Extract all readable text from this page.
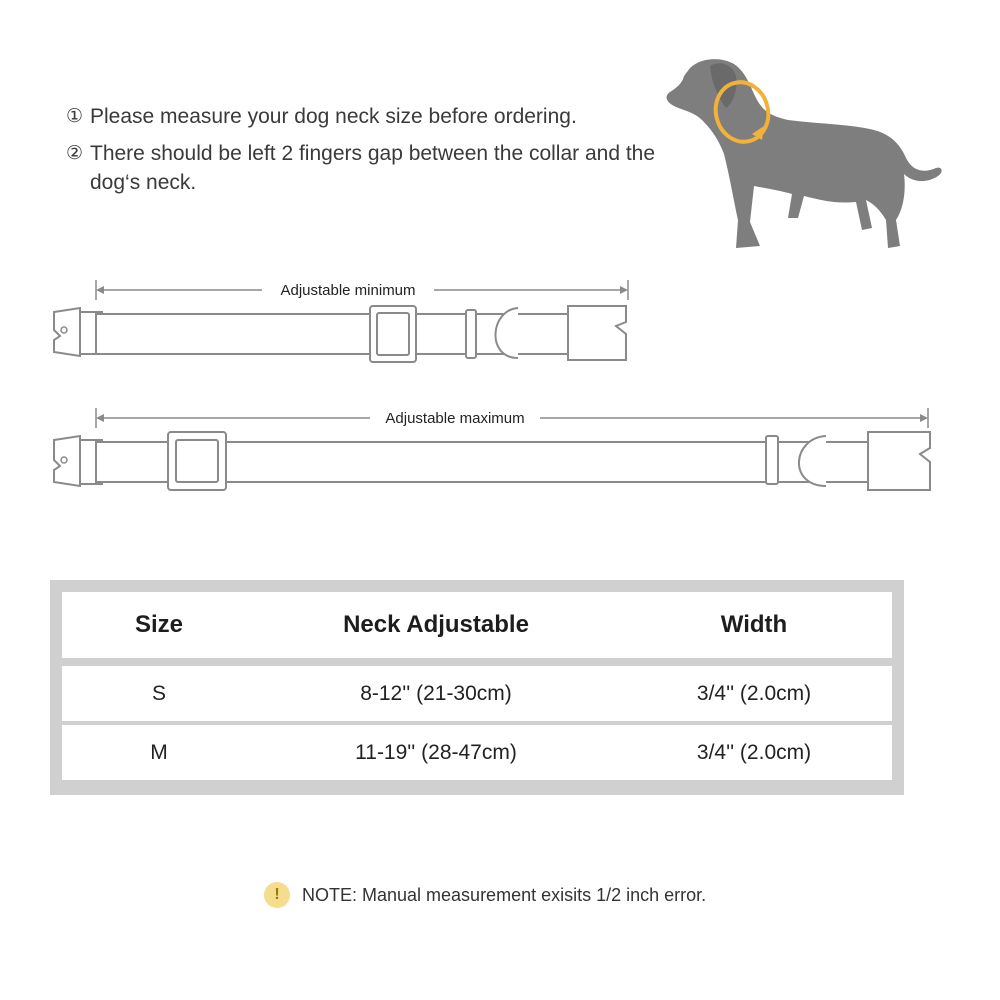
① Please measure your dog neck size before ordering.
② There should be left 2 fingers gap between the collar and the dog‘s neck.
Adjustable minimum
Adjustable maximum
Size	Neck Adjustable	Width
S	8-12'' (21-30cm)	3/4'' (2.0cm)
M	11-19'' (28-47cm)	3/4'' (2.0cm)
!	NOTE: Manual measurement exisits 1/2 inch error.
